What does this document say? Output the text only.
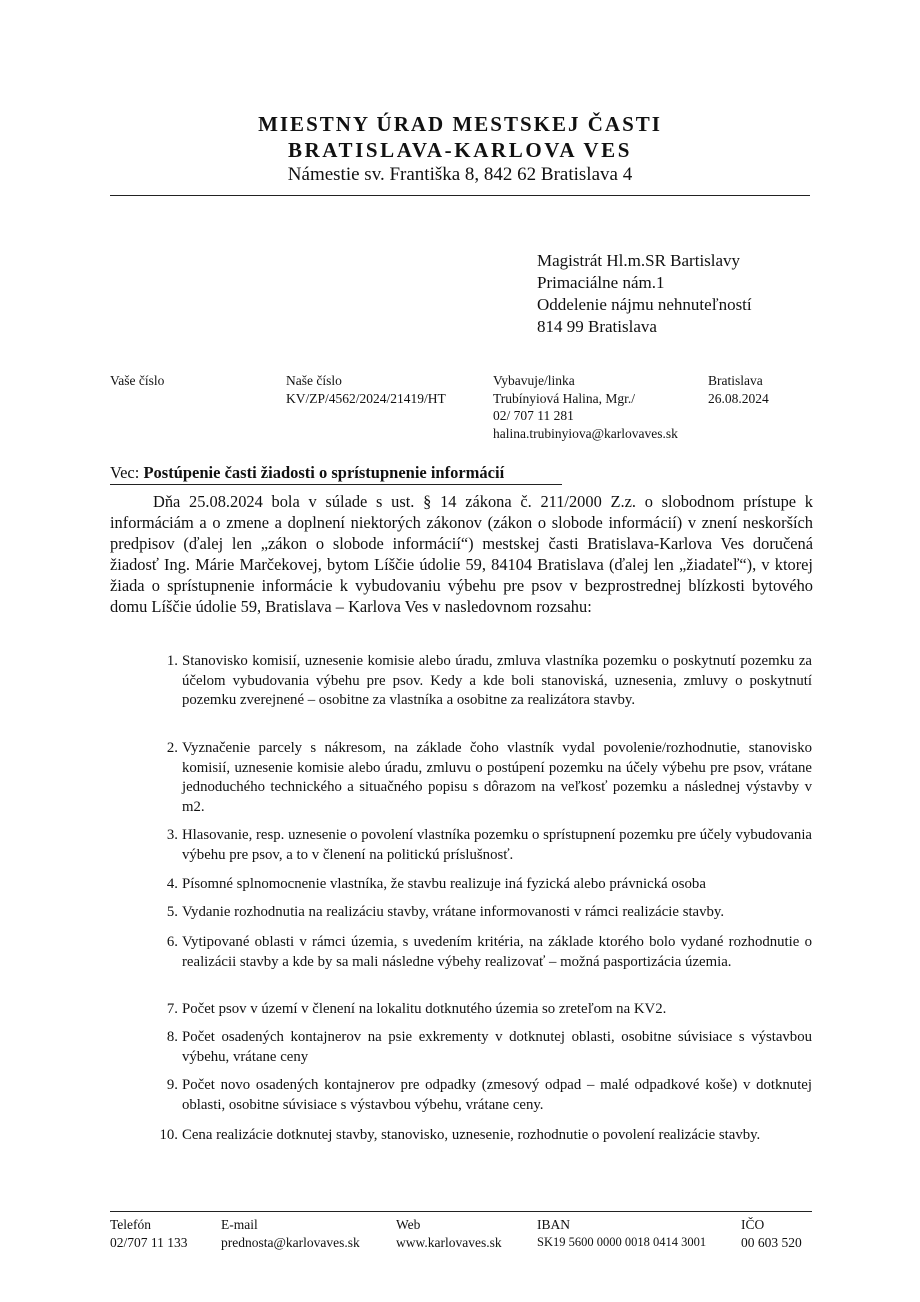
MIESTNY ÚRAD MESTSKEJ ČASTI
BRATISLAVA-KARLOVA VES
Námestie sv. Františka 8, 842 62 Bratislava 4
Magistrát Hl.m.SR Bartislavy
Primaciálne nám.1
Oddelenie nájmu nehnuteľností
814 99 Bratislava
Vaše číslo	Naše číslo
KV/ZP/4562/2024/21419/HT
Vybavuje/linka
Trubínyiová Halina, Mgr./
02/ 707 11 281
halina.trubinyiova@karlovaves.sk
Bratislava
26.08.2024
Vec: Postúpenie časti žiadosti o sprístupnenie informácií
Dňa 25.08.2024 bola v súlade s ust. § 14 zákona č. 211/2000 Z.z. o slobodnom prístupe k informáciám a o zmene a doplnení niektorých zákonov (zákon o slobode informácií) v znení neskorších predpisov (ďalej len „zákon o slobode informácií“) mestskej časti Bratislava-Karlova Ves doručená žiadosť Ing. Márie Marčekovej, bytom Líščie údolie 59, 84104 Bratislava (ďalej len „žiadateľ“), v ktorej žiada o sprístupnenie informácie k vybudovaniu výbehu pre psov v bezprostrednej blízkosti bytového domu Líščie údolie 59, Bratislava – Karlova Ves v nasledovnom rozsahu:
1. Stanovisko komisií, uznesenie komisie alebo úradu, zmluva vlastníka pozemku o poskytnutí pozemku za účelom vybudovania výbehu pre psov. Kedy a kde boli stanoviská, uznesenia, zmluvy o poskytnutí pozemku zverejnené – osobitne za vlastníka a osobitne za realizátora stavby.
2. Vyznačenie parcely s nákresom, na základe čoho vlastník vydal povolenie/rozhodnutie, stanovisko komisií, uznesenie komisie alebo úradu, zmluvu o postúpení pozemku na účely výbehu pre psov, vrátane jednoduchého technického a situačného popisu s dôrazom na veľkosť pozemku a následnej výstavby v m2.
3. Hlasovanie, resp. uznesenie o povolení vlastníka pozemku o sprístupnení pozemku pre účely vybudovania výbehu pre psov, a to v členení na politickú príslušnosť.
4. Písomné splnomocnenie vlastníka, že stavbu realizuje iná fyzická alebo právnická osoba
5. Vydanie rozhodnutia na realizáciu stavby, vrátane informovanosti v rámci realizácie stavby.
6. Vytipované oblasti v rámci územia, s uvedením kritéria, na základe ktorého bolo vydané rozhodnutie o realizácii stavby a kde by sa mali následne výbehy realizovať – možná pasportizácia územia.
7. Počet psov v území v členení na lokalitu dotknutého územia so zreteľom na KV2.
8. Počet osadených kontajnerov na psie exkrementy v dotknutej oblasti, osobitne súvisiace s výstavbou výbehu, vrátane ceny
9. Počet novo osadených kontajnerov pre odpadky (zmesový odpad – malé odpadkové koše) v dotknutej oblasti, osobitne súvisiace s výstavbou výbehu, vrátane ceny.
10. Cena realizácie dotknutej stavby, stanovisko, uznesenie, rozhodnutie o povolení realizácie stavby.
Telefón
02/707 11 133
E-mail
prednosta@karlovaves.sk
Web
www.karlovaves.sk
IBAN
SK19 5600 0000 0018 0414 3001
IČO
00 603 520
